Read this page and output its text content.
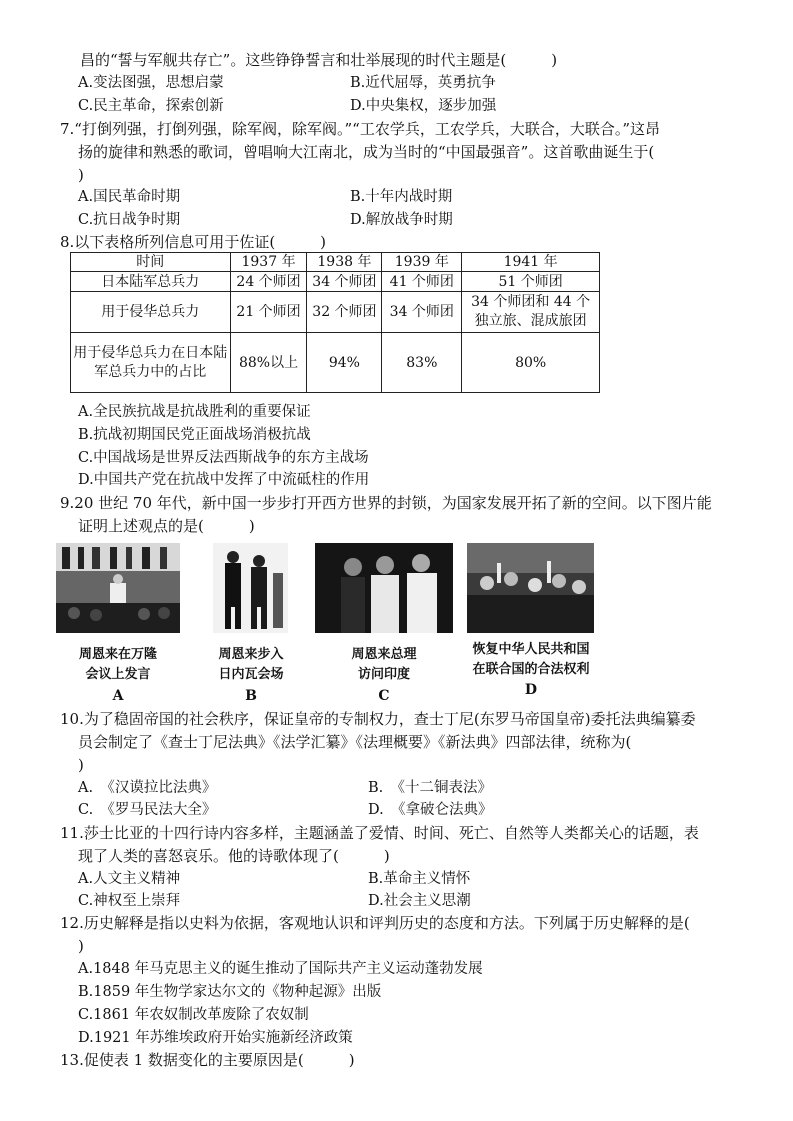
昌的“誓与军舰共存亡”。这些铮铮誓言和壮举展现的时代主题是(　　　)
A.变法图强，思想启蒙	B.近代屈辱，英勇抗争
C.民主革命，探索创新	D.中央集权，逐步加强
7.“打倒列强，打倒列强，除军阀，除军阀。”“工农学兵，工农学兵，大联合，大联合。”这昂
扬的旋律和熟悉的歌词，曾唱响大江南北，成为当时的“中国最强音”。这首歌曲诞生于(
)
A.国民革命时期	B.十年内战时期
C.抗日战争时期	D.解放战争时期
8.以下表格所列信息可用于佐证(　　　)
时间	1937 年	1938 年	1939 年	1941 年
日本陆军总兵力	24 个师团	34 个师团	41 个师团	51 个师团
用于侵华总兵力	21 个师团	32 个师团	34 个师团	34 个师团和 44 个独立旅、混成旅团
用于侵华总兵力在日本陆军总兵力中的占比	88%以上	94%	83%	80%
A.全民族抗战是抗战胜利的重要保证
B.抗战初期国民党正面战场消极抗战
C.中国战场是世界反法西斯战争的东方主战场
D.中国共产党在抗战中发挥了中流砥柱的作用
9.20 世纪 70 年代，新中国一步步打开西方世界的封锁，为国家发展开拓了新的空间。以下图片能
证明上述观点的是(　　　)
周恩来在万隆
会议上发言
A
周恩来步入
日内瓦会场
B
周恩来总理
访问印度
C
恢复中华人民共和国
在联合国的合法权利
D
10.为了稳固帝国的社会秩序，保证皇帝的专制权力，查士丁尼(东罗马帝国皇帝)委托法典编纂委
员会制定了《查士丁尼法典》《法学汇纂》《法理概要》《新法典》四部法律，统称为(
)
A.　《汉谟拉比法典》	B.　《十二铜表法》
C.　《罗马民法大全》	D.　《拿破仑法典》
11.莎士比亚的十四行诗内容多样，主题涵盖了爱情、时间、死亡、自然等人类都关心的话题，表
现了人类的喜怒哀乐。他的诗歌体现了(　　　)
A.人文主义精神	B.革命主义情怀
C.神权至上崇拜	D.社会主义思潮
12.历史解释是指以史料为依据，客观地认识和评判历史的态度和方法。下列属于历史解释的是(
)
A.1848 年马克思主义的诞生推动了国际共产主义运动蓬勃发展
B.1859 年生物学家达尔文的《物种起源》出版
C.1861 年农奴制改革废除了农奴制
D.1921 年苏维埃政府开始实施新经济政策
13.促使表 1 数据变化的主要原因是(　　　)
